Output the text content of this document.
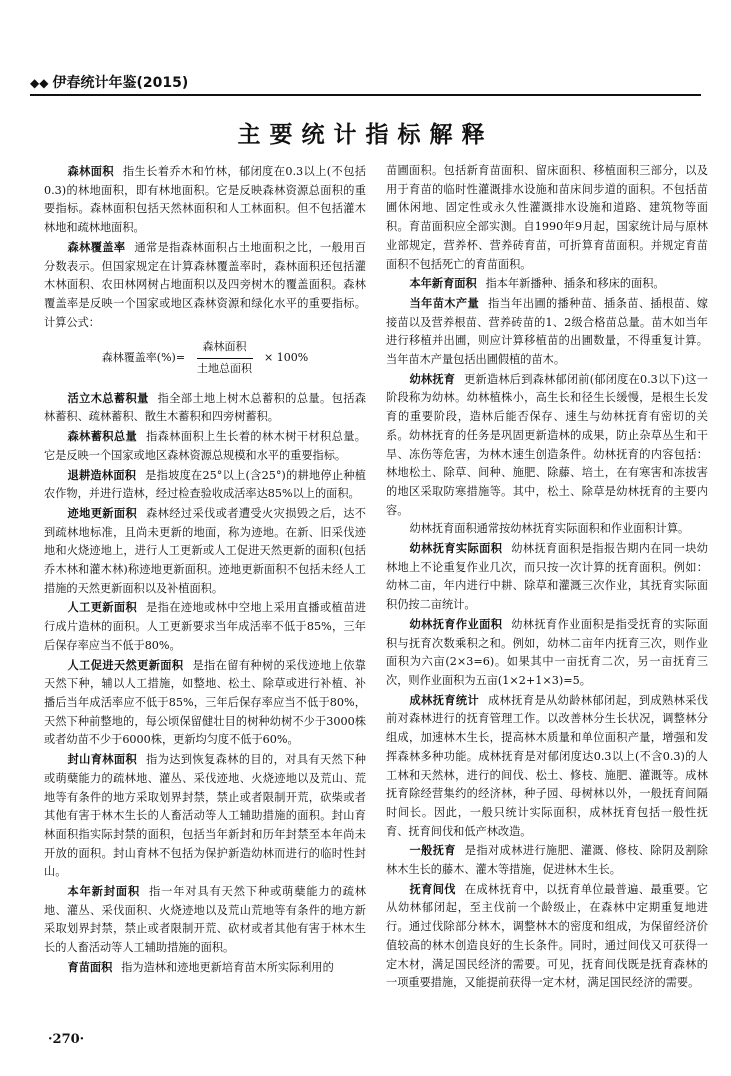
◆◆ 伊春统计年鉴(2015)
主要统计指标解释

森林面积 指生长着乔木和竹林，郁闭度在0.3以上(不包括0.3)的林地面积，即有林地面积。它是反映森林资源总面积的重要指标。森林面积包括天然林面积和人工林面积。但不包括灌木林地和疏林地面积。

森林覆盖率 通常是指森林面积占土地面积之比，一般用百分数表示。但国家规定在计算森林覆盖率时，森林面积还包括灌木林面积、农田林网树占地面积以及四旁树木的覆盖面积。森林覆盖率是反映一个国家或地区森林资源和绿化水平的重要指标。计算公式：

森林覆盖率(%)= $\frac{\text{森林面积}}{\text{土地总面积}} \times 100\%$

活立木总蓄积量 指全部土地上树木总蓄积的总量。包括森林蓄积、疏林蓄积、散生木蓄积和四旁树蓄积。

森林蓄积总量 指森林面积上生长着的林木树干材积总量。它是反映一个国家或地区森林资源总规模和水平的重要指标。

退耕造林面积 是指坡度在25°以上(含25°)的耕地停止种植农作物，并进行造林，经过检查验收成活率达85%以上的面积。

迹地更新面积 森林经过采伐或者遭受火灾损毁之后，达不到疏林地标准，且尚未更新的地面，称为迹地。在新、旧采伐迹地和火烧迹地上，进行人工更新或人工促进天然更新的面积(包括乔木林和灌木林)称迹地更新面积。迹地更新面积不包括未经人工措施的天然更新面积以及补植面积。

人工更新面积 是指在迹地或林中空地上采用直播或植苗进行成片造林的面积。人工更新要求当年成活率不低于85%，三年后保存率应当不低于80%。

人工促进天然更新面积 是指在留有种树的采伐迹地上依靠天然下种，辅以人工措施，如整地、松土、除草或进行补植、补播后当年成活率应不低于85%，三年后保存率应当不低于80%，天然下种前整地的，每公顷保留健壮目的树种幼树不少于3000株或者幼苗不少于6000株，更新均匀度不低于60%。

封山育林面积 指为达到恢复森林的目的，对具有天然下种或萌蘖能力的疏林地、灌丛、采伐迹地、火烧迹地以及荒山、荒地等有条件的地方采取划界封禁，禁止或者限制开荒，砍柴或者其他有害于林木生长的人畜活动等人工辅助措施的面积。封山育林面积指实际封禁的面积，包括当年新封和历年封禁至本年尚未开放的面积。封山育林不包括为保护新造幼林而进行的临时性封山。

本年新封面积 指一年对具有天然下种或萌蘖能力的疏林地、灌丛、采伐面积、火烧迹地以及荒山荒地等有条件的地方新采取划界封禁，禁止或者限制开荒、砍材或者其他有害于林木生长的人畜活动等人工辅助措施的面积。

育苗面积 指为造林和迹地更新培育苗木所实际利用的

苗圃面积。包括新育苗面积、留床面积、移植面积三部分，以及用于育苗的临时性灌溉排水设施和苗床间步道的面积。不包括苗圃休闲地、固定性或永久性灌溉排水设施和道路、建筑物等面积。育苗面积应全部实测。自1990年9月起，国家统计局与原林业部规定，营养杯、营养砖育苗，可折算育苗面积。并规定育苗面积不包括死亡的育苗面积。

本年新育面积 指本年新播种、插条和移床的面积。

当年苗木产量 指当年出圃的播种苗、插条苗、插根苗、嫁接苗以及营养根苗、营养砖苗的1、2级合格苗总量。苗木如当年进行移植并出圃，则应计算移植苗的出圃数量，不得重复计算。当年苗木产量包括出圃假植的苗木。

幼林抚育 更新造林后到森林郁闭前(郁闭度在0.3以下)这一阶段称为幼林。幼林植株小，高生长和径生长缓慢，是根生长发育的重要阶段，造林后能否保存、速生与幼林抚育有密切的关系。幼林抚育的任务是巩固更新造林的成果，防止杂草丛生和干旱、冻伤等危害，为林木速生创造条件。幼林抚育的内容包括：林地松土、除草、间种、施肥、除藤、培土，在有寒害和冻拔害的地区采取防寒措施等。其中，松土、除草是幼林抚育的主要内容。

幼林抚育面积通常按幼林抚育实际面积和作业面积计算。

幼林抚育实际面积 幼林抚育面积是指报告期内在同一块幼林地上不论重复作业几次，而只按一次计算的抚育面积。例如：幼林二亩，年内进行中耕、除草和灌溉三次作业，其抚育实际面积仍按二亩统计。

幼林抚育作业面积 幼林抚育作业面积是指受抚育的实际面积与抚育次数乘积之和。例如，幼林二亩年内抚育三次，则作业面积为六亩(2×3=6)。如果其中一亩抚育二次，另一亩抚育三次，则作业面积为五亩(1×2+1×3)=5。

成林抚育统计 成林抚育是从幼龄林郁闭起，到成熟林采伐前对森林进行的抚育管理工作。以改善林分生长状况，调整林分组成，加速林木生长，提高林木质量和单位面积产量，增强和发挥森林多种功能。成林抚育是对郁闭度达0.3以上(不含0.3)的人工林和天然林，进行的间伐、松土、修枝、施肥、灌溉等。成林抚育除经营集约的经济林，种子园、母树林以外，一般抚育间隔时间长。因此，一般只统计实际面积，成林抚育包括一般性抚育、抚育间伐和低产林改造。

一般抚育 是指对成林进行施肥、灌溉、修枝、除阴及割除林木生长的藤木、灌木等措施，促进林木生长。

抚育间伐 在成林抚育中，以抚育单位最普遍、最重要。它从幼林郁闭起，至主伐前一个龄级止，在森林中定期重复地进行。通过伐除部分林木，调整林木的密度和组成，为保留经济价值较高的林木创造良好的生长条件。同时，通过间伐又可获得一定木材，满足国民经济的需要。可见，抚育间伐既是抚育森林的一项重要措施，又能提前获得一定木材，满足国民经济的需要。

·270·
